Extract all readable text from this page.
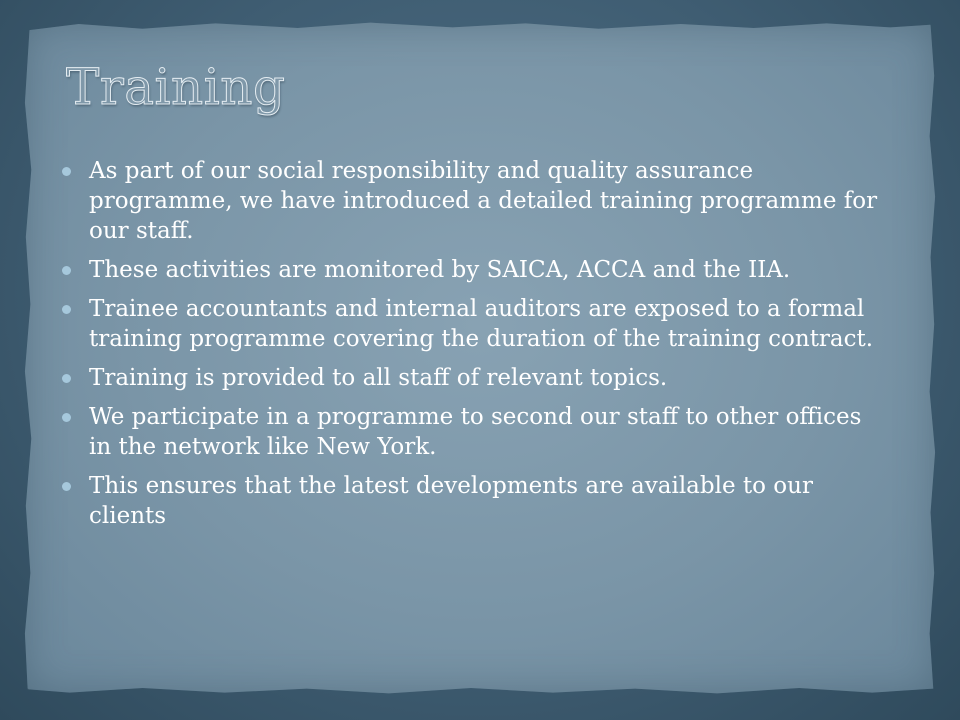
Training
As part of our social responsibility and quality assurance programme, we have introduced a detailed training programme for our staff.
These activities are monitored by SAICA, ACCA and the IIA.
Trainee accountants and internal auditors are exposed to a formal training programme covering the duration of the training contract.
Training is provided to all staff of relevant topics.
We participate in a programme to second our staff to other offices in the network like New York.
This ensures that the latest developments are available to our clients
